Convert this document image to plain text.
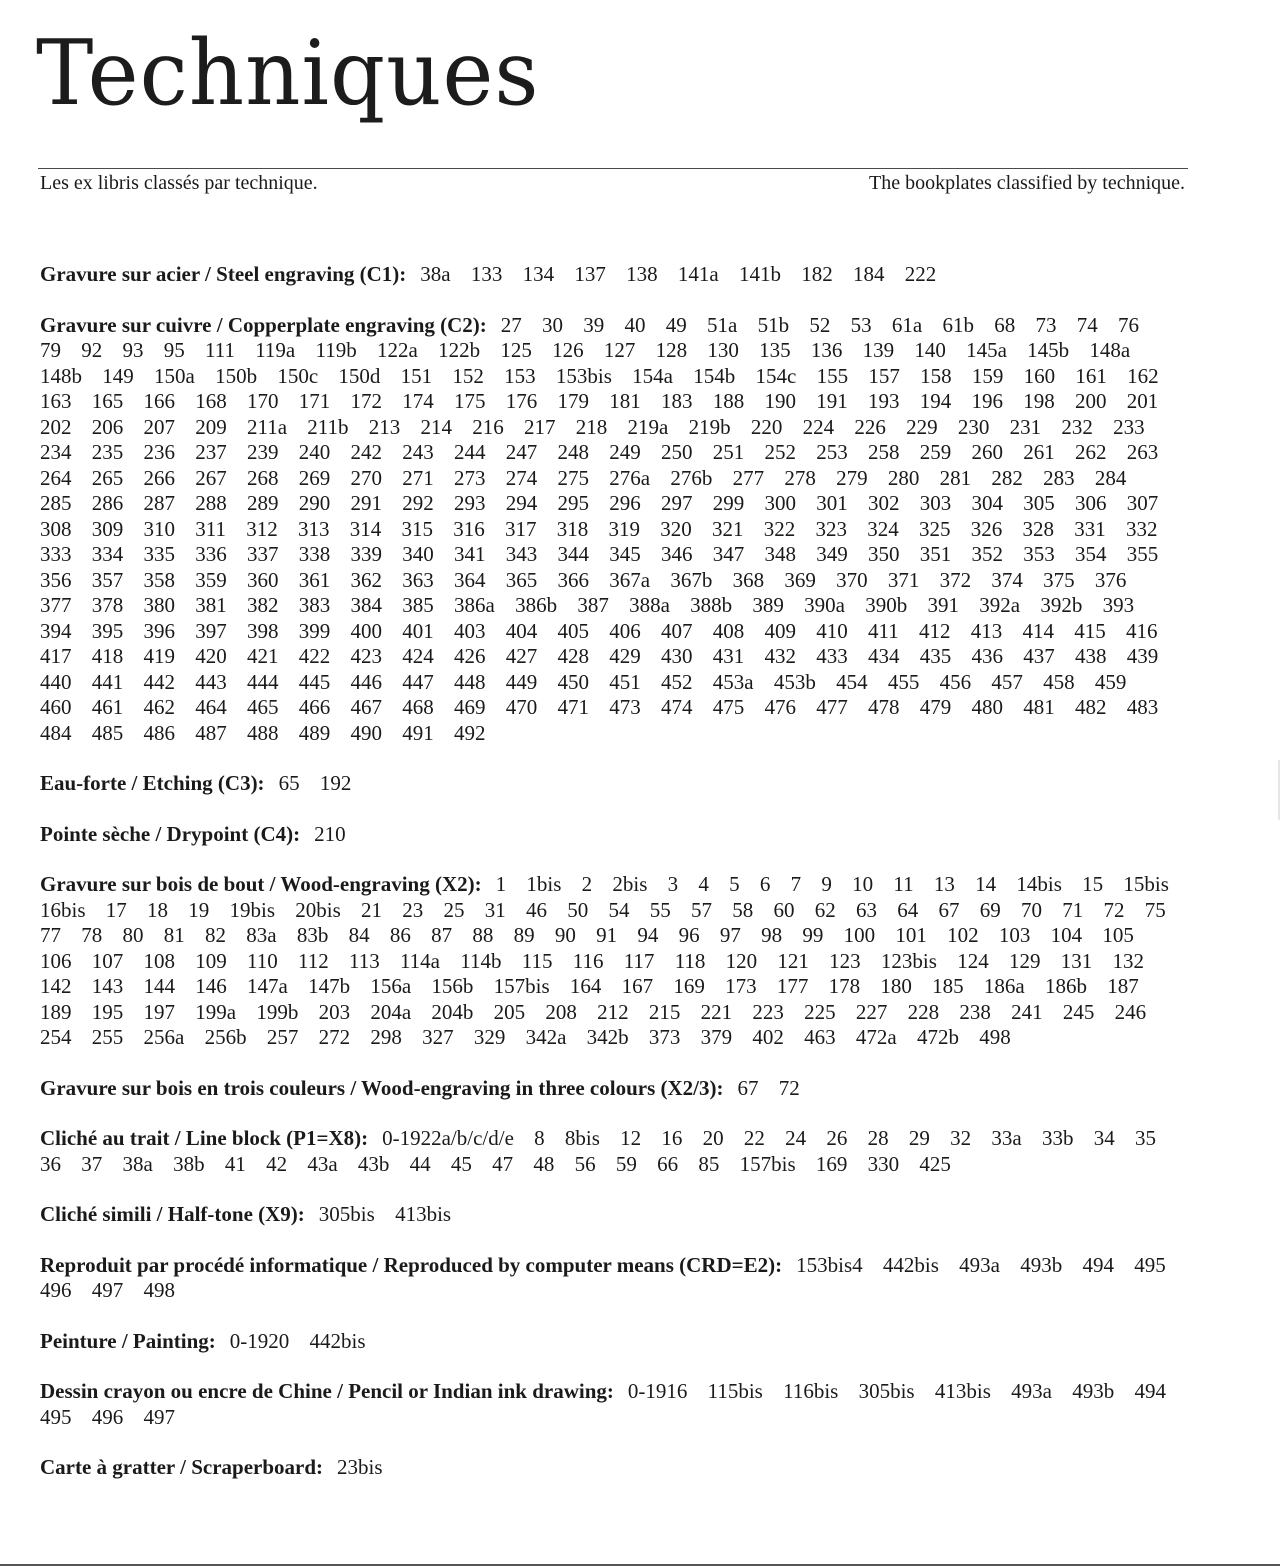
Techniques
Les ex libris classés par technique.	The bookplates classified by technique.
Gravure sur acier / Steel engraving (C1): 38a 133 134 137 138 141a 141b 182 184 222
Gravure sur cuivre / Copperplate engraving (C2): 27 30 39 40 49 51a 51b 52 53 61a 61b 68 73 74 76 79 92 93 95 111 119a 119b 122a 122b 125 126 127 128 130 135 136 139 140 145a 145b 148a 148b 149 150a 150b 150c 150d 151 152 153 153bis 154a 154b 154c 155 157 158 159 160 161 162 163 165 166 168 170 171 172 174 175 176 179 181 183 188 190 191 193 194 196 198 200 201 202 206 207 209 211a 211b 213 214 216 217 218 219a 219b 220 224 226 229 230 231 232 233 234 235 236 237 239 240 242 243 244 247 248 249 250 251 252 253 258 259 260 261 262 263 264 265 266 267 268 269 270 271 273 274 275 276a 276b 277 278 279 280 281 282 283 284 285 286 287 288 289 290 291 292 293 294 295 296 297 299 300 301 302 303 304 305 306 307 308 309 310 311 312 313 314 315 316 317 318 319 320 321 322 323 324 325 326 328 331 332 333 334 335 336 337 338 339 340 341 343 344 345 346 347 348 349 350 351 352 353 354 355 356 357 358 359 360 361 362 363 364 365 366 367a 367b 368 369 370 371 372 374 375 376 377 378 380 381 382 383 384 385 386a 386b 387 388a 388b 389 390a 390b 391 392a 392b 393 394 395 396 397 398 399 400 401 403 404 405 406 407 408 409 410 411 412 413 414 415 416 417 418 419 420 421 422 423 424 426 427 428 429 430 431 432 433 434 435 436 437 438 439 440 441 442 443 444 445 446 447 448 449 450 451 452 453a 453b 454 455 456 457 458 459 460 461 462 464 465 466 467 468 469 470 471 473 474 475 476 477 478 479 480 481 482 483 484 485 486 487 488 489 490 491 492
Eau-forte / Etching (C3): 65 192
Pointe sèche / Drypoint (C4): 210
Gravure sur bois de bout / Wood-engraving (X2): 1 1bis 2 2bis 3 4 5 6 7 9 10 11 13 14 14bis 15 15bis 16bis 17 18 19 19bis 20bis 21 23 25 31 46 50 54 55 57 58 60 62 63 64 67 69 70 71 72 75 77 78 80 81 82 83a 83b 84 86 87 88 89 90 91 94 96 97 98 99 100 101 102 103 104 105 106 107 108 109 110 112 113 114a 114b 115 116 117 118 120 121 123 123bis 124 129 131 132 142 143 144 146 147a 147b 156a 156b 157bis 164 167 169 173 177 178 180 185 186a 186b 187 189 195 197 199a 199b 203 204a 204b 205 208 212 215 221 223 225 227 228 238 241 245 246 254 255 256a 256b 257 272 298 327 329 342a 342b 373 379 402 463 472a 472b 498
Gravure sur bois en trois couleurs / Wood-engraving in three colours (X2/3): 67 72
Cliché au trait / Line block (P1=X8): 0-1922a/b/c/d/e 8 8bis 12 16 20 22 24 26 28 29 32 33a 33b 34 35 36 37 38a 38b 41 42 43a 43b 44 45 47 48 56 59 66 85 157bis 169 330 425
Cliché simili / Half-tone (X9): 305bis 413bis
Reproduit par procédé informatique / Reproduced by computer means (CRD=E2): 153bis4 442bis 493a 493b 494 495 496 497 498
Peinture / Painting: 0-1920 442bis
Dessin crayon ou encre de Chine / Pencil or Indian ink drawing: 0-1916 115bis 116bis 305bis 413bis 493a 493b 494 495 496 497
Carte à gratter / Scraperboard: 23bis
